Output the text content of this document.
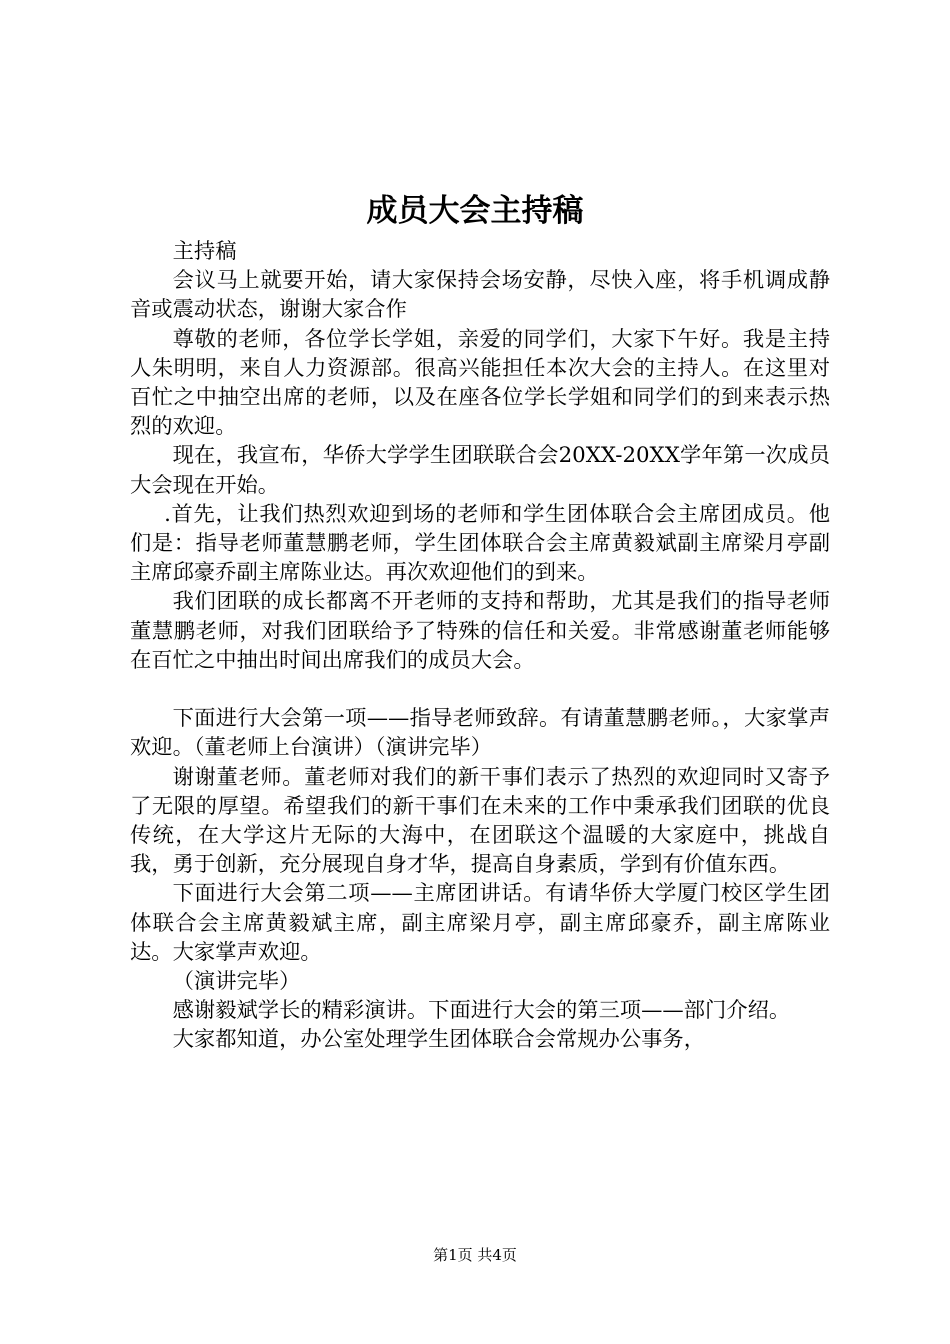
成员大会主持稿

主持稿

会议马上就要开始，请大家保持会场安静，尽快入座，将手机调成静音或震动状态，谢谢大家合作

尊敬的老师，各位学长学姐，亲爱的同学们，大家下午好。我是主持人朱明明，来自人力资源部。很高兴能担任本次大会的主持人。在这里对百忙之中抽空出席的老师，以及在座各位学长学姐和同学们的到来表示热烈的欢迎。

现在，我宣布，华侨大学学生团联联合会20XX-20XX学年第一次成员大会现在开始。

.首先，让我们热烈欢迎到场的老师和学生团体联合会主席团成员。他们是：指导老师董慧鹏老师，学生团体联合会主席黄毅斌副主席梁月亭副主席邱豪乔副主席陈业达。再次欢迎他们的到来。

我们团联的成长都离不开老师的支持和帮助，尤其是我们的指导老师董慧鹏老师，对我们团联给予了特殊的信任和关爱。非常感谢董老师能够在百忙之中抽出时间出席我们的成员大会。

下面进行大会第一项——指导老师致辞。有请董慧鹏老师。，大家掌声欢迎。（董老师上台演讲）（演讲完毕）

谢谢董老师。董老师对我们的新干事们表示了热烈的欢迎同时又寄予了无限的厚望。希望我们的新干事们在未来的工作中秉承我们团联的优良传统，在大学这片无际的大海中，在团联这个温暖的大家庭中，挑战自我，勇于创新，充分展现自身才华，提高自身素质，学到有价值东西。

下面进行大会第二项——主席团讲话。有请华侨大学厦门校区学生团体联合会主席黄毅斌主席，副主席梁月亭，副主席邱豪乔，副主席陈业达。大家掌声欢迎。

（演讲完毕）

感谢毅斌学长的精彩演讲。下面进行大会的第三项——部门介绍。

大家都知道，办公室处理学生团体联合会常规办公事务，

第1页 共4页
